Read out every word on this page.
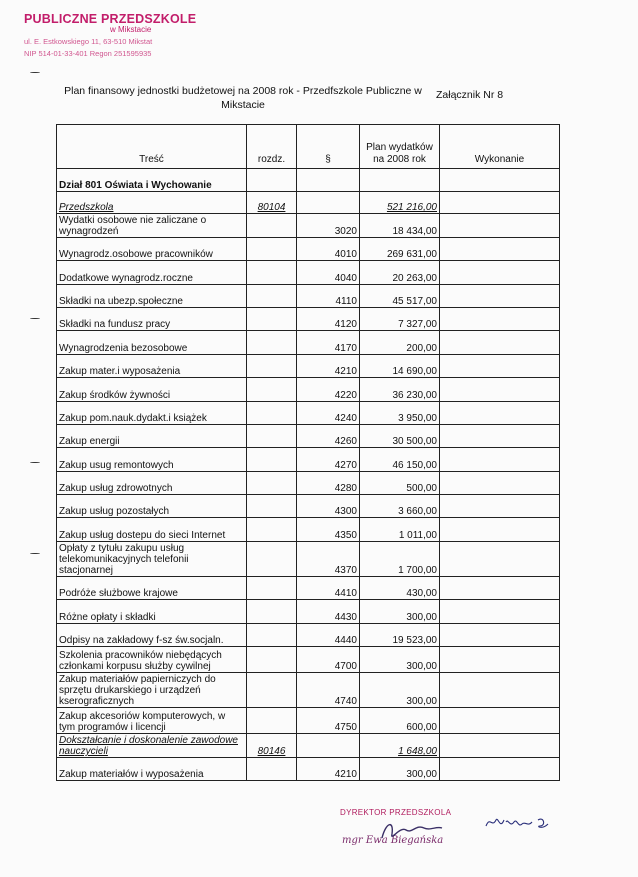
PUBLICZNE PRZEDSZKOLE
w Mikstacie
ul. E. Estkowskiego 11, 63-510 Mikstat
NIP 514-01-33-401 Regon 251595935
Plan finansowy jednostki budżetowej na 2008 rok - Przedfszkole Publiczne w Mikstacie
Załącznik Nr 8
Treść	rozdz.	§	Plan wydatków na 2008 rok	Wykonanie
Dział 801 Oświata i Wychowanie				
Przedszkola	80104		521 216,00	
Wydatki osobowe nie zaliczane o wynagrodzeń		3020	18 434,00	
Wynagrodz.osobowe pracowników		4010	269 631,00	
Dodatkowe wynagrodz.roczne		4040	20 263,00	
Składki na ubezp.społeczne		4110	45 517,00	
Składki na fundusz pracy		4120	7 327,00	
Wynagrodzenia bezosobowe		4170	200,00	
Zakup mater.i wyposażenia		4210	14 690,00	
Zakup środków żywności		4220	36 230,00	
Zakup pom.nauk.dydakt.i książek		4240	3 950,00	
Zakup energii		4260	30 500,00	
Zakup usug remontowych		4270	46 150,00	
Zakup usług zdrowotnych		4280	500,00	
Zakup usług pozostałych		4300	3 660,00	
Zakup usług dostepu do sieci Internet		4350	1 011,00	
Opłaty z tytułu zakupu usług telekomunikacyjnych telefonii stacjonarnej		4370	1 700,00	
Podróże służbowe krajowe		4410	430,00	
Różne opłaty i składki		4430	300,00	
Odpisy na zakładowy f-sz św.socjaln.		4440	19 523,00	
Szkolenia pracowników niebędących członkami korpusu służby cywilnej		4700	300,00	
Zakup materiałów papierniczych do sprzętu drukarskiego i urządzeń kserograficznych		4740	300,00	
Zakup akcesoriów komputerowych, w tym programów i licencji		4750	600,00	
Dokształcanie i doskonalenie zawodowe nauczycieli	80146		1 648,00	
Zakup materiałów i wyposażenia		4210	300,00	
DYREKTOR PRZEDSZKOLA
mgr Ewa Biegańska
